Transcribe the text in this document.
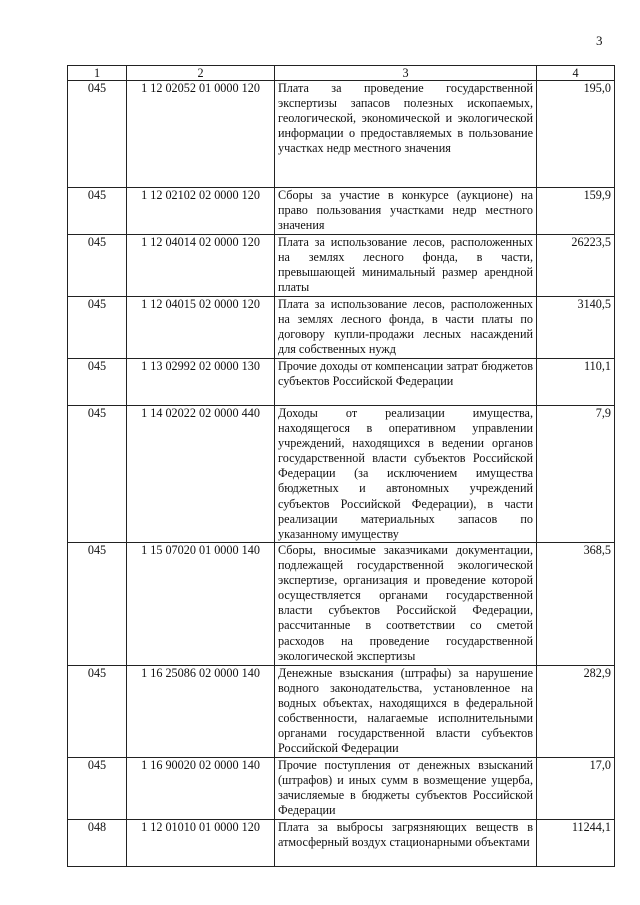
3
1	2	3	4
045	1 12 02052 01 0000 120	Плата за проведение государственной экспертизы запасов полезных ископаемых, геологической, экономической и экологической информации о предоставляемых в пользование участках недр местного значения	195,0
045	1 12 02102 02 0000 120	Сборы за участие в конкурсе (аукционе) на право пользования участками недр местного значения	159,9
045	1 12 04014 02 0000 120	Плата за использование лесов, расположенных на землях лесного фонда, в части, превышающей минимальный размер арендной платы	26223,5
045	1 12 04015 02 0000 120	Плата за использование лесов, расположенных на землях лесного фонда, в части платы по договору купли-продажи лесных насаждений для собственных нужд	3140,5
045	1 13 02992 02 0000 130	Прочие доходы от компенсации затрат бюджетов субъектов Российской Федерации	110,1
045	1 14 02022 02 0000 440	Доходы от реализации имущества, находящегося в оперативном управлении учреждений, находящихся в ведении органов государственной власти субъектов Российской Федерации (за исключением имущества бюджетных и автономных учреждений субъектов Российской Федерации), в части реализации материальных запасов по указанному имуществу	7,9
045	1 15 07020 01 0000 140	Сборы, вносимые заказчиками документации, подлежащей государственной экологической экспертизе, организация и проведение которой осуществляется органами государственной власти субъектов Российской Федерации, рассчитанные в соответствии со сметой расходов на проведение государственной экологической экспертизы	368,5
045	1 16 25086 02 0000 140	Денежные взыскания (штрафы) за нарушение водного законодательства, установленное на водных объектах, находящихся в федеральной собственности, налагаемые исполнительными органами государственной власти субъектов Российской Федерации	282,9
045	1 16 90020 02 0000 140	Прочие поступления от денежных взысканий (штрафов) и иных сумм в возмещение ущерба, зачисляемые в бюджеты субъектов Российской Федерации	17,0
048	1 12 01010 01 0000 120	Плата за выбросы загрязняющих веществ в атмосферный воздух стационарными объектами	11244,1
